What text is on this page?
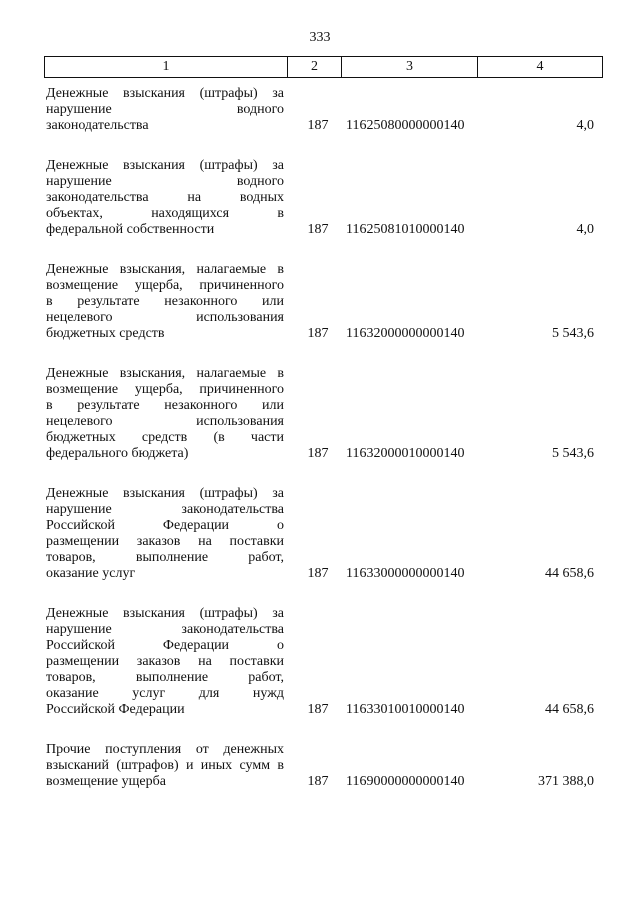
333
1	2	3	4
Денежные взыскания (штрафы) за
нарушение водного
законодательства	187	11625080000000140	4,0
Денежные взыскания (штрафы) за
нарушение водного
законодательства на водных
объектах, находящихся в
федеральной собственности	187	11625081010000140	4,0
Денежные взыскания, налагаемые в
возмещение ущерба, причиненного
в результате незаконного или
нецелевого использования
бюджетных средств	187	11632000000000140	5 543,6
Денежные взыскания, налагаемые в
возмещение ущерба, причиненного
в результате незаконного или
нецелевого использования
бюджетных средств (в части
федерального бюджета)	187	11632000010000140	5 543,6
Денежные взыскания (штрафы) за
нарушение законодательства
Российской Федерации о
размещении заказов на поставки
товаров, выполнение работ,
оказание услуг	187	11633000000000140	44 658,6
Денежные взыскания (штрафы) за
нарушение законодательства
Российской Федерации о
размещении заказов на поставки
товаров, выполнение работ,
оказание услуг для нужд
Российской Федерации	187	11633010010000140	44 658,6
Прочие поступления от денежных
взысканий (штрафов) и иных сумм в
возмещение ущерба	187	11690000000000140	371 388,0
